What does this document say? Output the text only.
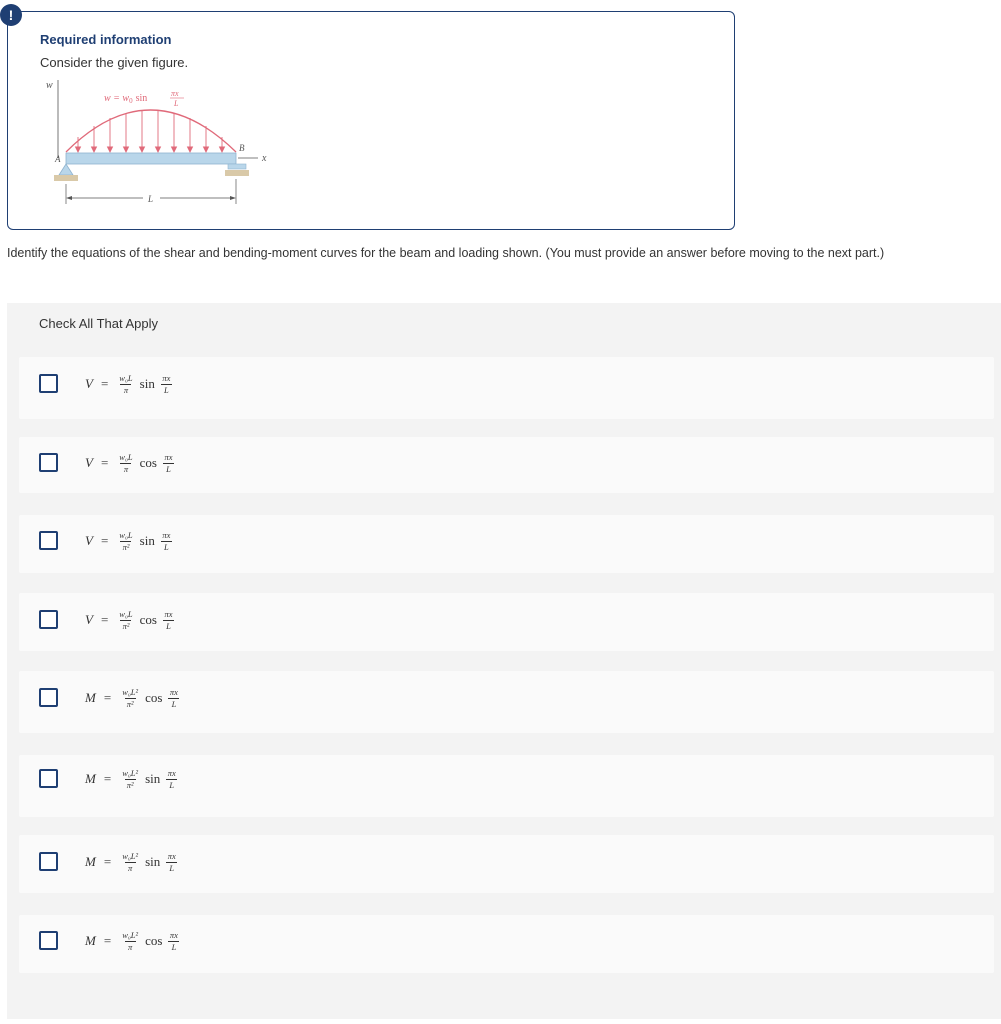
!
Required information
Consider the given figure.
w
$w = w_0$ sin	πx
L
A
B
x
L
Identify the equations of the shear and bending-moment curves for the beam and loading shown. (You must provide an answer before moving to the next part.)
Check All That Apply
$V = \frac{\text{w₀L}}{\pi}$ $\sin \frac{\pi x}{L}$
$V = \frac{\text{w₀L}}{\pi}$ $\cos \frac{\pi x}{L}$
$V = \frac{\text{w₀L}}{\text{π²}}$ $\sin \frac{\pi x}{L}$
$V = \frac{\text{w₀L}}{\text{π²}}$ $\cos \frac{\pi x}{L}$
$M = \frac{\text{w₀L²}}{\text{π²}}$ $\cos \frac{\pi x}{L}$
$M = \frac{\text{w₀L²}}{\text{π²}}$ $\sin \frac{\pi x}{L}$
$M = \frac{\text{w₀L²}}{\pi}$ $\sin \frac{\pi x}{L}$
$M = \frac{\text{w₀L²}}{\pi}$ $\cos \frac{\pi x}{L}$
